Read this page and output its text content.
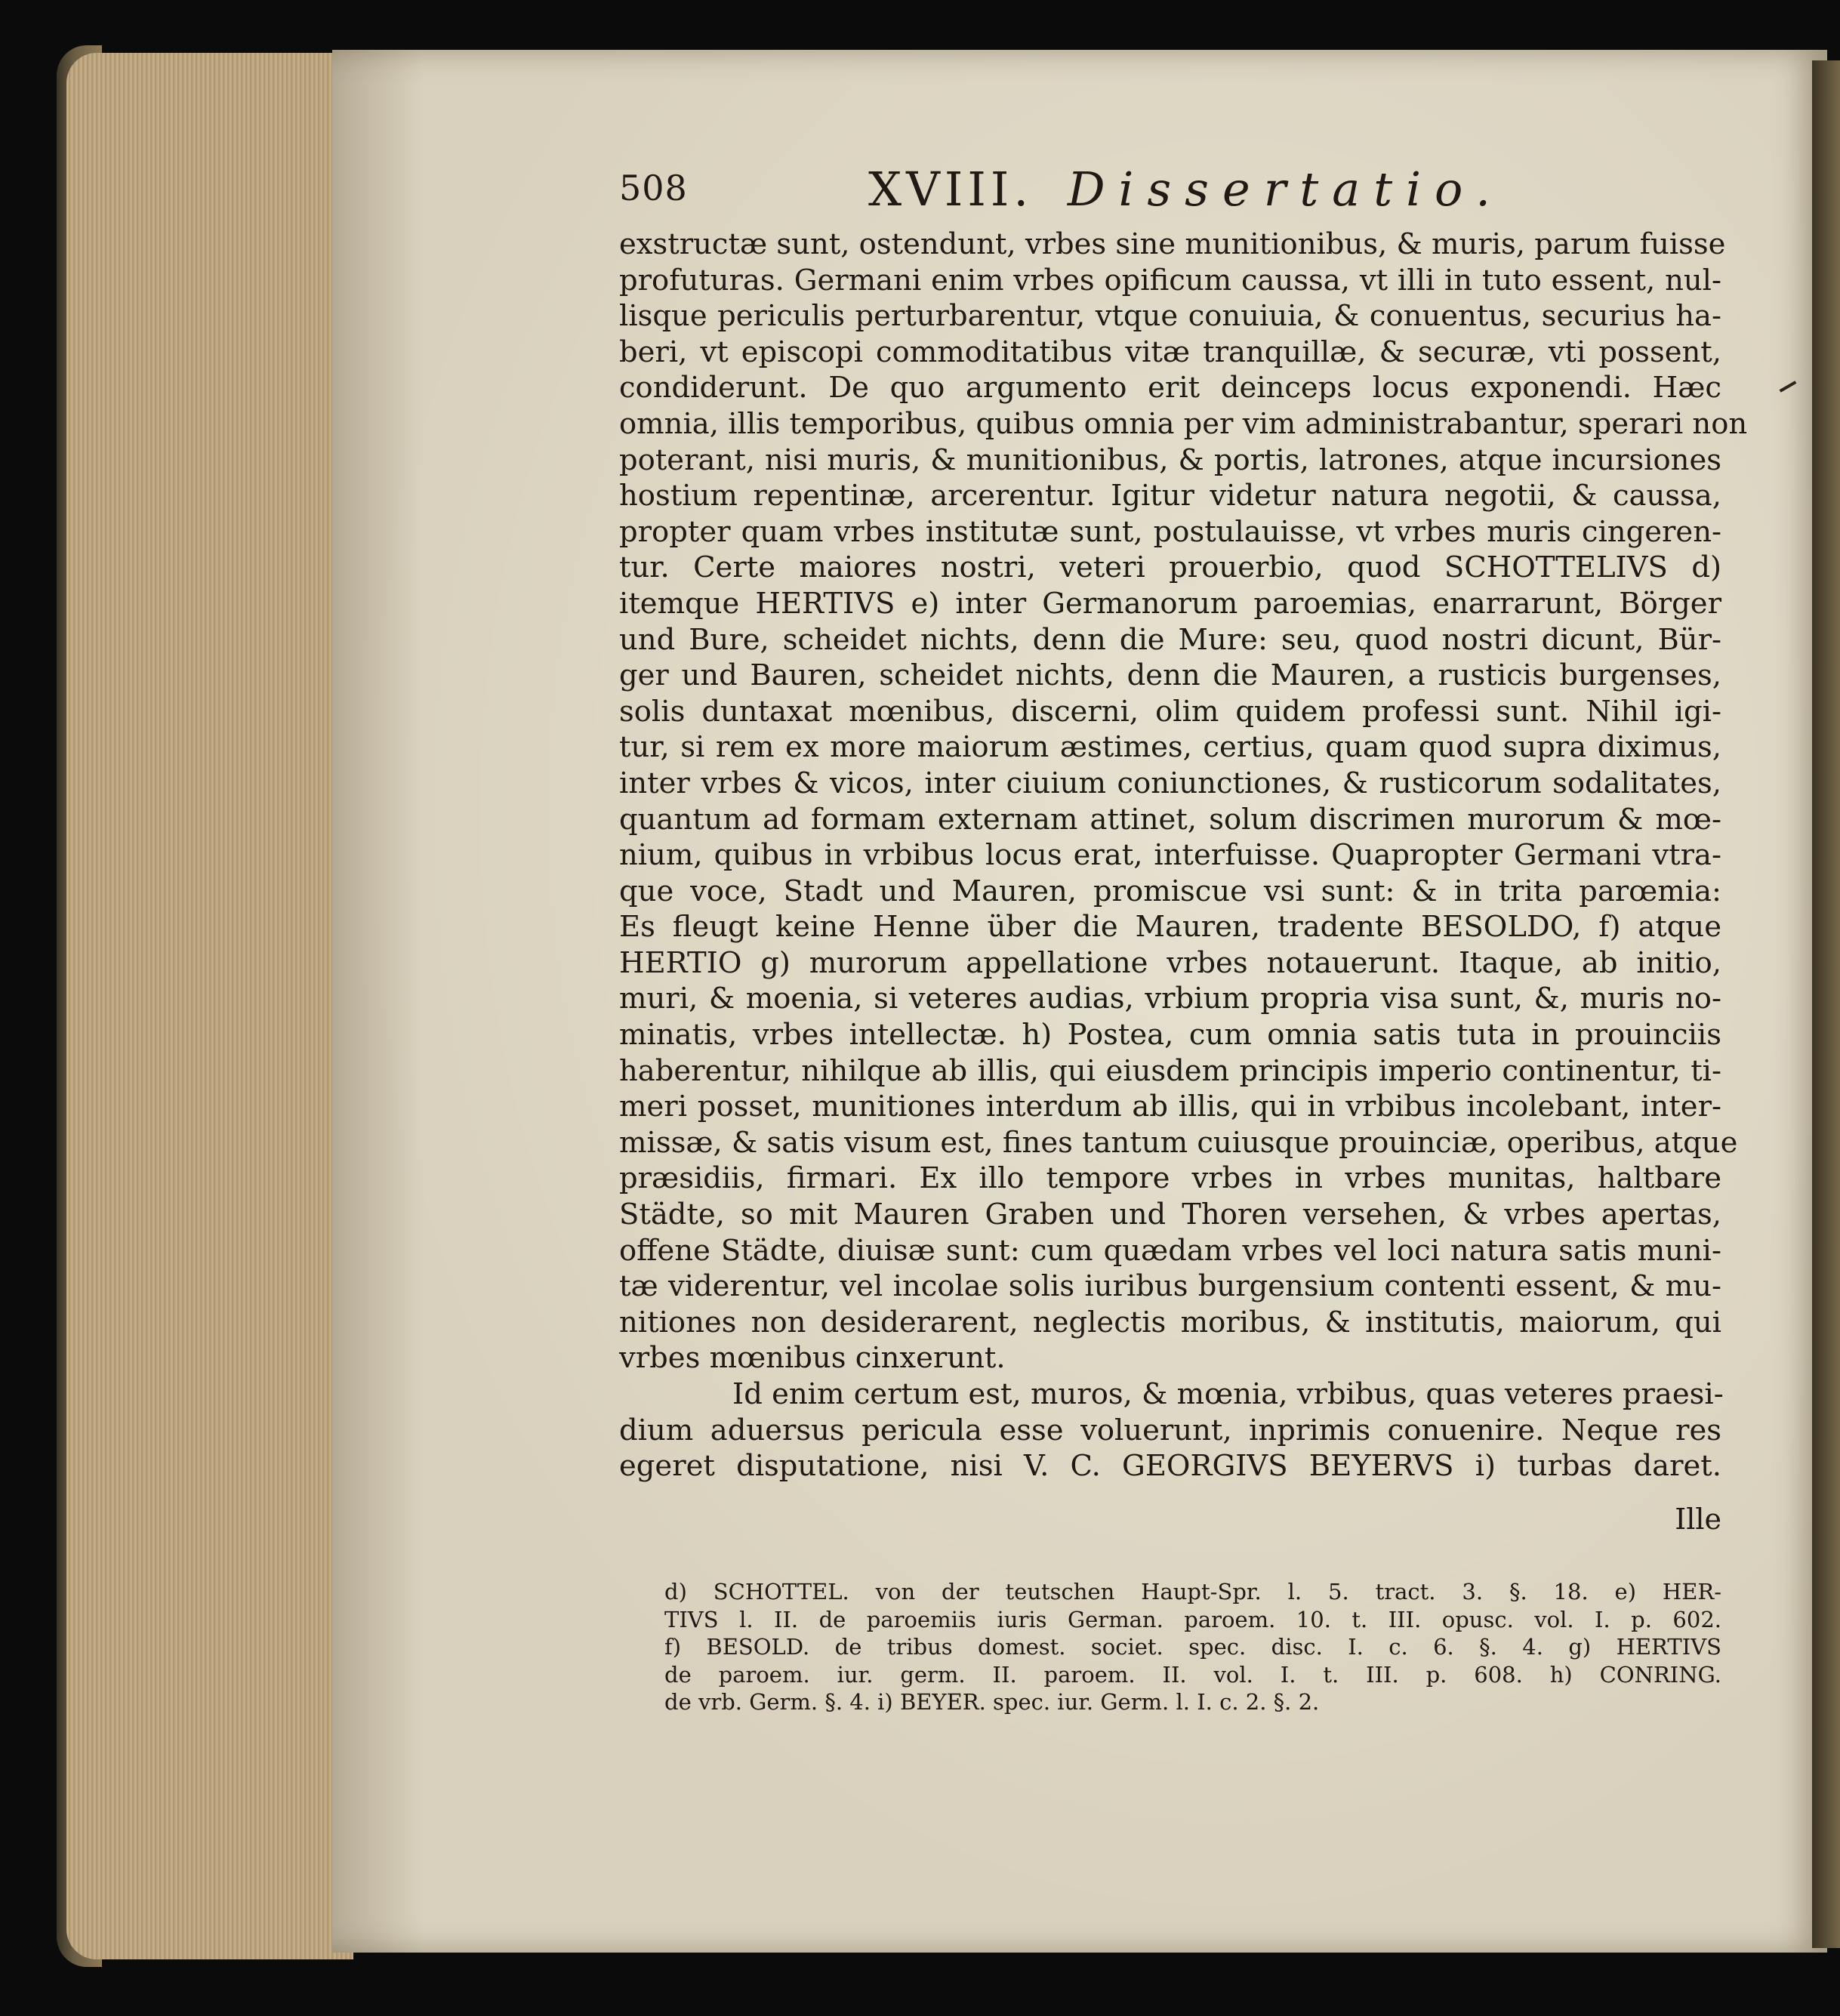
508	XVIII. Dissertatio.
exstructæ sunt, ostendunt, vrbes sine munitionibus, & muris, parum fuisse
profuturas. Germani enim vrbes opificum caussa, vt illi in tuto essent, nul-
lisque periculis perturbarentur, vtque conuiuia, & conuentus, securius ha-
beri, vt episcopi commoditatibus vitæ tranquillæ, & securæ, vti possent,
condiderunt. De quo argumento erit deinceps locus exponendi. Hæc
omnia, illis temporibus, quibus omnia per vim administrabantur, sperari non
poterant, nisi muris, & munitionibus, & portis, latrones, atque incursiones
hostium repentinæ, arcerentur. Igitur videtur natura negotii, & caussa,
propter quam vrbes institutæ sunt, postulauisse, vt vrbes muris cingeren-
tur. Certe maiores nostri, veteri prouerbio, quod SCHOTTELIVS d)
itemque HERTIVS e) inter Germanorum paroemias, enarrarunt, Börger
und Bure, scheidet nichts, denn die Mure: seu, quod nostri dicunt, Bür-
ger und Bauren, scheidet nichts, denn die Mauren, a rusticis burgenses,
solis duntaxat mœnibus, discerni, olim quidem professi sunt. Nihil igi-
tur, si rem ex more maiorum æstimes, certius, quam quod supra diximus,
inter vrbes & vicos, inter ciuium coniunctiones, & rusticorum sodalitates,
quantum ad formam externam attinet, solum discrimen murorum & mœ-
nium, quibus in vrbibus locus erat, interfuisse. Quapropter Germani vtra-
que voce, Stadt und Mauren, promiscue vsi sunt: & in trita parœmia:
Es fleugt keine Henne über die Mauren, tradente BESOLDO, f) atque
HERTIO g) murorum appellatione vrbes notauerunt. Itaque, ab initio,
muri, & moenia, si veteres audias, vrbium propria visa sunt, &, muris no-
minatis, vrbes intellectæ. h) Postea, cum omnia satis tuta in prouinciis
haberentur, nihilque ab illis, qui eiusdem principis imperio continentur, ti-
meri posset, munitiones interdum ab illis, qui in vrbibus incolebant, inter-
missæ, & satis visum est, fines tantum cuiusque prouinciæ, operibus, atque
præsidiis, firmari. Ex illo tempore vrbes in vrbes munitas, haltbare
Städte, so mit Mauren Graben und Thoren versehen, & vrbes apertas,
offene Städte, diuisæ sunt: cum quædam vrbes vel loci natura satis muni-
tæ viderentur, vel incolae solis iuribus burgensium contenti essent, & mu-
nitiones non desiderarent, neglectis moribus, & institutis, maiorum, qui
vrbes mœnibus cinxerunt.
Id enim certum est, muros, & mœnia, vrbibus, quas veteres praesi-
dium aduersus pericula esse voluerunt, inprimis conuenire. Neque res
egeret disputatione, nisi V. C. GEORGIVS BEYERVS i) turbas daret.
Ille
d) SCHOTTEL. von der teutschen Haupt-Spr. l. 5. tract. 3. §. 18. e) HER-
TIVS l. II. de paroemiis iuris German. paroem. 10. t. III. opusc. vol. I. p. 602.
f) BESOLD. de tribus domest. societ. spec. disc. I. c. 6. §. 4. g) HERTIVS
de paroem. iur. germ. II. paroem. II. vol. I. t. III. p. 608. h) CONRING.
de vrb. Germ. §. 4. i) BEYER. spec. iur. Germ. l. I. c. 2. §. 2.
